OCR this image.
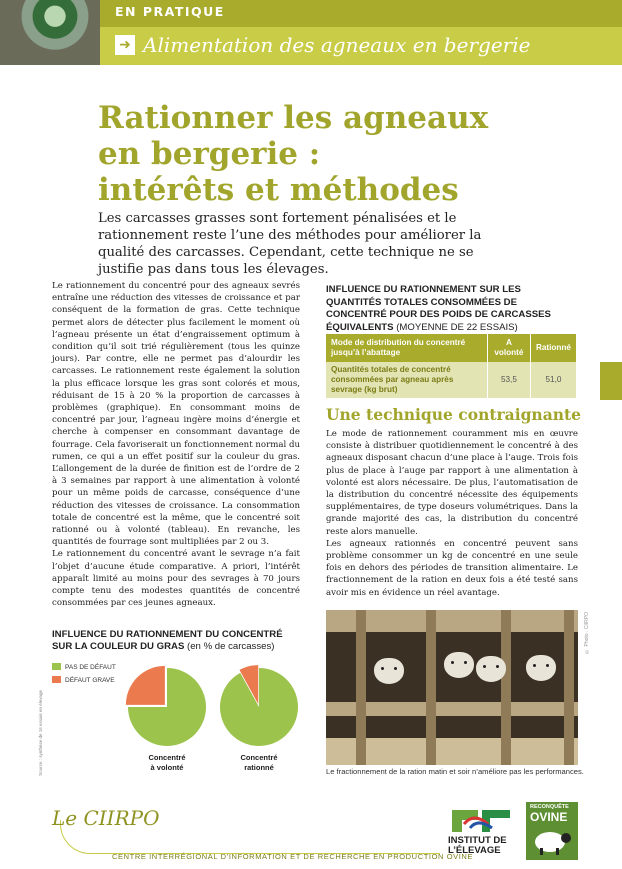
EN PRATIQUE
➜ Alimentation des agneaux en bergerie
Rationner les agneaux
en bergerie :
intérêts et méthodes

Les carcasses grasses sont fortement pénalisées et le rationnement reste l’une des méthodes pour améliorer la qualité des carcasses. Cependant, cette technique ne se justifie pas dans tous les élevages.

Le rationnement du concentré pour des agneaux sevrés entraîne une réduction des vitesses de croissance et par conséquent de la formation de gras. Cette technique permet alors de détecter plus facilement le moment où l’agneau présente un état d’engraissement optimum à condition qu’il soit trié régulièrement (tous les quinze jours). Par contre, elle ne permet pas d’alourdir les carcasses. Le rationnement reste également la solution la plus efficace lorsque les gras sont colorés et mous, réduisant de 15 à 20 % la proportion de carcasses à problèmes (graphique). En consommant moins de concentré par jour, l’agneau ingère moins d’énergie et cherche à compenser en consommant davantage de fourrage. Cela favoriserait un fonctionnement normal du rumen, ce qui a un effet positif sur la couleur du gras. L’allongement de la durée de finition est de l’ordre de 2 à 3 semaines par rapport à une alimentation à volonté pour un même poids de carcasse, conséquence d’une réduction des vitesses de croissance. La consommation totale de concentré est la même, que le concentré soit rationné ou à volonté (tableau). En revanche, les quantités de fourrage sont multipliées par 2 ou 3.

Le rationnement du concentré avant le sevrage n’a fait l’objet d’aucune étude comparative. A priori, l’intérêt apparaît limité au moins pour des sevrages à 70 jours compte tenu des modestes quantités de concentré consommées par ces jeunes agneaux.

INFLUENCE DU RATIONNEMENT SUR LES QUANTITÉS TOTALES CONSOMMÉES DE CONCENTRÉ POUR DES POIDS DE CARCASSES ÉQUIVALENTS (MOYENNE DE 22 ESSAIS)
Mode de distribution du concentré jusqu’à l’abattage	A volonté	Rationné
Quantités totales de concentré consommées par agneau après sevrage (kg brut)	53,5	51,0
Une technique contraignante

Le mode de rationnement couramment mis en œuvre consiste à distribuer quotidiennement le concentré à des agneaux disposant chacun d’une place à l’auge. Trois fois plus de place à l’auge par rapport à une alimentation à volonté est alors nécessaire. De plus, l’automatisation de la distribution du concentré nécessite des équipements supplémentaires, de type doseurs volumétriques. Dans la grande majorité des cas, la distribution du concentré reste alors manuelle.

Les agneaux rationnés en concentré peuvent sans problème consommer un kg de concentré en une seule fois en dehors des périodes de transition alimentaire. Le fractionnement de la ration en deux fois a été testé sans avoir mis en évidence un réel avantage.

© Photo : CIIRPO
Le fractionnement de la ration matin et soir n’améliore pas les performances.
INFLUENCE DU RATIONNEMENT DU CONCENTRÉ
SUR LA COULEUR DU GRAS (en % de carcasses)
PAS DE DÉFAUT
DÉFAUT GRAVE
Concentré
à volonté
Concentré
rationné
Source : synthèse de 16 essais en élevage
Le CIIRPO
CENTRE INTERRÉGIONAL D’INFORMATION ET DE RECHERCHE EN PRODUCTION OVINE
INSTITUT DE
L’ÉLEVAGE
RECONQUÊTE
OVINE
